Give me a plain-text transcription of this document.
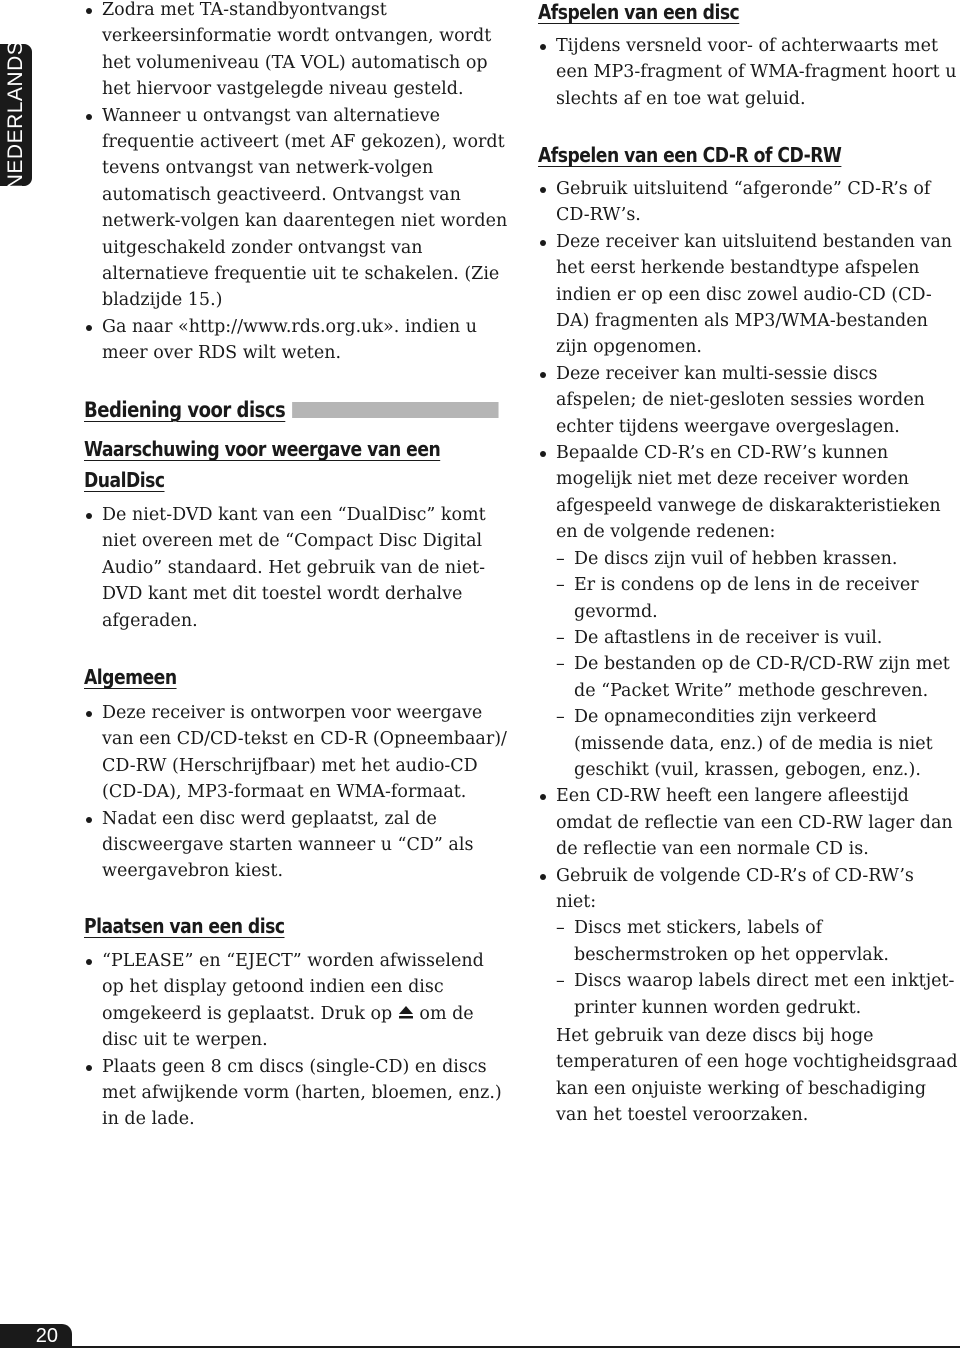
NEDERLANDS
Zodra met TA-standbyontvangst verkeersinformatie wordt ontvangen, wordt het volumeniveau (TA VOL) automatisch op het hiervoor vastgelegde niveau gesteld.
Wanneer u ontvangst van alternatieve frequentie activeert (met AF gekozen), wordt tevens ontvangst van netwerk-volgen automatisch geactiveerd. Ontvangst van netwerk-volgen kan daarentegen niet worden uitgeschakeld zonder ontvangst van alternatieve frequentie uit te schakelen. (Zie bladzijde 15.)
Ga naar «http://www.rds.org.uk». indien u meer over RDS wilt weten.
Bediening voor discs
Waarschuwing voor weergave van een DualDisc
De niet-DVD kant van een “DualDisc” komt niet overeen met de “Compact Disc Digital Audio” standaard. Het gebruik van de niet-DVD kant met dit toestel wordt derhalve afgeraden.
Algemeen
Deze receiver is ontworpen voor weergave van een CD/CD-tekst en CD-R (Opneembaar)/ CD-RW (Herschrijfbaar) met het audio-CD (CD-DA), MP3-formaat en WMA-formaat.
Nadat een disc werd geplaatst, zal de discweergave starten wanneer u “CD” als weergavebron kiest.
Plaatsen van een disc
“PLEASE” en “EJECT” worden afwisselend op het display getoond indien een disc omgekeerd is geplaatst. Druk op om de disc uit te werpen.
Plaats geen 8 cm discs (single-CD) en discs met afwijkende vorm (harten, bloemen, enz.) in de lade.
Afspelen van een disc
Tijdens versneld voor- of achterwaarts met een MP3-fragment of WMA-fragment hoort u slechts af en toe wat geluid.
Afspelen van een CD-R of CD-RW
Gebruik uitsluitend “afgeronde” CD-R’s of CD-RW’s.
Deze receiver kan uitsluitend bestanden van het eerst herkende bestandtype afspelen indien er op een disc zowel audio-CD (CD-DA) fragmenten als MP3/WMA-bestanden zijn opgenomen.
Deze receiver kan multi-sessie discs afspelen; de niet-gesloten sessies worden echter tijdens weergave overgeslagen.
Bepaalde CD-R’s en CD-RW’s kunnen mogelijk niet met deze receiver worden afgespeeld vanwege de diskarakteristieken en de volgende redenen:
– De discs zijn vuil of hebben krassen.
– Er is condens op de lens in de receiver gevormd.
– De aftastlens in de receiver is vuil.
– De bestanden op de CD-R/CD-RW zijn met de “Packet Write” methode geschreven.
– De opnamecondities zijn verkeerd (missende data, enz.) of de media is niet geschikt (vuil, krassen, gebogen, enz.).
Een CD-RW heeft een langere afleestijd omdat de reflectie van een CD-RW lager dan de reflectie van een normale CD is.
Gebruik de volgende CD-R’s of CD-RW’s niet:
– Discs met stickers, labels of beschermstroken op het oppervlak.
– Discs waarop labels direct met een inktjet-printer kunnen worden gedrukt.

Het gebruik van deze discs bij hoge temperaturen of een hoge vochtigheidsgraad kan een onjuiste werking of beschadiging van het toestel veroorzaken.

20
